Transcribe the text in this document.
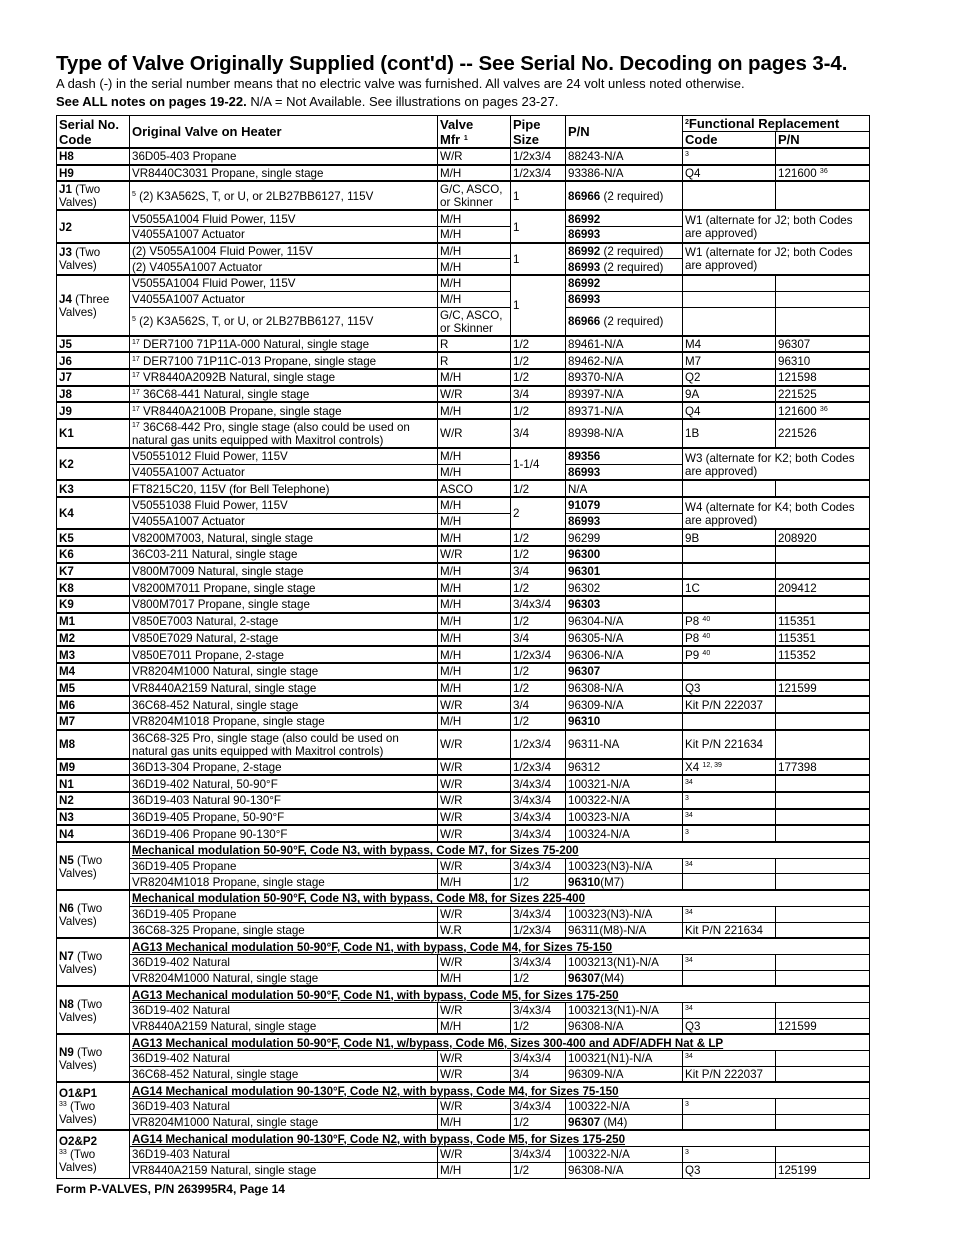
Type of Valve Originally Supplied (cont'd) -- See Serial No. Decoding on pages 3-4.
A dash (-) in the serial number means that no electric valve was furnished. All valves are 24 volt unless noted otherwise.
See ALL notes on pages 19-22. N/A = Not Available. See illustrations on pages 23-27.
Serial No.
Code	Original Valve on Heater	Valve
Mfr $^1$	Pipe
Size	P/N	$^2$Functional Replacement	
					Code	P/N
H8	36D05-403 Propane	W/R	1/2x3/4	88243-N/A	$^3$	
H9	VR8440C3031 Propane, single stage	M/H	1/2x3/4	93386-N/A	Q4	121600 $^{36}$
J1 (Two Valves)	$^5$ (2) K3A562S, T, or U, or 2LB27BB6127, 115V	G/C, ASCO, or Skinner	1	86966 (2 required)		
J2	V5055A1004 Fluid Power, 115V	M/H	1	86992	W1 (alternate for J2; both Codes are approved)	
	V4055A1007 Actuator	M/H		86993		
J3 (Two Valves)	(2) V5055A1004 Fluid Power, 115V	M/H	1	86992 (2 required)	W1 (alternate for J2; both Codes are approved)	
	(2) V4055A1007 Actuator	M/H		86993 (2 required)		
J4 (Three Valves)	V5055A1004 Fluid Power, 115V	M/H	1	86992		
	V4055A1007 Actuator	M/H		86993		
	$^5$ (2) K3A562S, T, or U, or 2LB27BB6127, 115V	G/C, ASCO, or Skinner		86966 (2 required)		
J5	$^{17}$ DER7100 71P11A-000 Natural, single stage	R	1/2	89461-N/A	M4	96307
J6	$^{17}$ DER7100 71P11C-013 Propane, single stage	R	1/2	89462-N/A	M7	96310
J7	$^{17}$ VR8440A2092B Natural, single stage	M/H	1/2	89370-N/A	Q2	121598
J8	$^{17}$ 36C68-441 Natural, single stage	W/R	3/4	89397-N/A	9A	221525
J9	$^{17}$ VR8440A2100B Propane, single stage	M/H	1/2	89371-N/A	Q4	121600 $^{36}$
K1	$^{17}$ 36C68-442 Pro, single stage (also could be used on natural gas units equipped with Maxitrol controls)	W/R	3/4	89398-N/A	1B	221526
K2	V50551012 Fluid Power, 115V	M/H	1-1/4	89356	W3 (alternate for K2; both Codes are approved)	
	V4055A1007 Actuator	M/H		86993		
K3	FT8215C20, 115V (for Bell Telephone)	ASCO	1/2	N/A		
K4	V50551038 Fluid Power, 115V	M/H	2	91079	W4 (alternate for K4; both Codes are approved)	
	V4055A1007 Actuator	M/H		86993		
K5	V8200M7003, Natural, single stage	M/H	1/2	96299	9B	208920
K6	36C03-211 Natural, single stage	W/R	1/2	96300		
K7	V800M7009 Natural, single stage	M/H	3/4	96301		
K8	V8200M7011 Propane, single stage	M/H	1/2	96302	1C	209412
K9	V800M7017 Propane, single stage	M/H	3/4x3/4	96303		
M1	V850E7003 Natural, 2-stage	M/H	1/2	96304-N/A	P8 $^{40}$	115351
M2	V850E7029 Natural, 2-stage	M/H	3/4	96305-N/A	P8 $^{40}$	115351
M3	V850E7011 Propane, 2-stage	M/H	1/2x3/4	96306-N/A	P9 $^{40}$	115352
M4	VR8204M1000 Natural, single stage	M/H	1/2	96307		
M5	VR8440A2159 Natural, single stage	M/H	1/2	96308-N/A	Q3	121599
M6	36C68-452 Natural, single stage	W/R	3/4	96309-N/A	Kit P/N 222037	
M7	VR8204M1018 Propane, single stage	M/H	1/2	96310		
M8	36C68-325 Pro, single stage (also could be used on natural gas units equipped with Maxitrol controls)	W/R	1/2x3/4	96311-NA	Kit P/N 221634	
M9	36D13-304 Propane, 2-stage	W/R	1/2x3/4	96312	X4 $^{12, 39}$	177398
N1	36D19-402 Natural, 50-90°F	W/R	3/4x3/4	100321-N/A	$^{34}$	
N2	36D19-403 Natural 90-130°F	W/R	3/4x3/4	100322-N/A	$^3$	
N3	36D19-405 Propane, 50-90°F	W/R	3/4x3/4	100323-N/A	$^{34}$	
N4	36D19-406 Propane 90-130°F	W/R	3/4x3/4	100324-N/A	$^3$	
N5 (Two Valves)	Mechanical modulation 50-90°F, Code N3, with bypass, Code M7, for Sizes 75-200					
	36D19-405 Propane	W/R	3/4x3/4	100323(N3)-N/A	$^{34}$	
	VR8204M1018 Propane, single stage	M/H	1/2	96310(M7)		
N6 (Two Valves)	Mechanical modulation 50-90°F, Code N3, with bypass, Code M8, for Sizes 225-400					
	36D19-405 Propane	W/R	3/4x3/4	100323(N3)-N/A	$^{34}$	
	36C68-325 Propane, single stage	W.R	1/2x3/4	96311(M8)-N/A	Kit P/N 221634	
N7 (Two Valves)	AG13 Mechanical modulation 50-90°F, Code N1, with bypass, Code M4, for Sizes 75-150					
	36D19-402 Natural	W/R	3/4x3/4	1003213(N1)-N/A	$^{34}$	
	VR8204M1000 Natural, single stage	M/H	1/2	96307(M4)		
N8 (Two Valves)	AG13 Mechanical modulation 50-90°F, Code N1, with bypass, Code M5, for Sizes 175-250					
	36D19-402 Natural	W/R	3/4x3/4	1003213(N1)-N/A	$^{34}$	
	VR8440A2159 Natural, single stage	M/H	1/2	96308-N/A	Q3	121599
N9 (Two Valves)	AG13 Mechanical modulation 50-90°F, Code N1, w/bypass, Code M6, Sizes 300-400 and ADF/ADFH Nat & LP					
	36D19-402 Natural	W/R	3/4x3/4	100321(N1)-N/A	$^{34}$	
	36C68-452 Natural, single stage	W/R	3/4	96309-N/A	Kit P/N 222037	
O1&P1
$^{33}$ (Two Valves)	AG14 Mechanical modulation 90-130°F, Code N2, with bypass, Code M4, for Sizes 75-150					
	36D19-403 Natural	W/R	3/4x3/4	100322-N/A	$^3$	
	VR8204M1000 Natural, single stage	M/H	1/2	96307 (M4)		
O2&P2
$^{33}$ (Two Valves)	AG14 Mechanical modulation 90-130°F, Code N2, with bypass, Code M5, for Sizes 175-250					
	36D19-403 Natural	W/R	3/4x3/4	100322-N/A	$^3$	
	VR8440A2159 Natural, single stage	M/H	1/2	96308-N/A	Q3	125199
Form P-VALVES, P/N 263995R4, Page 14
